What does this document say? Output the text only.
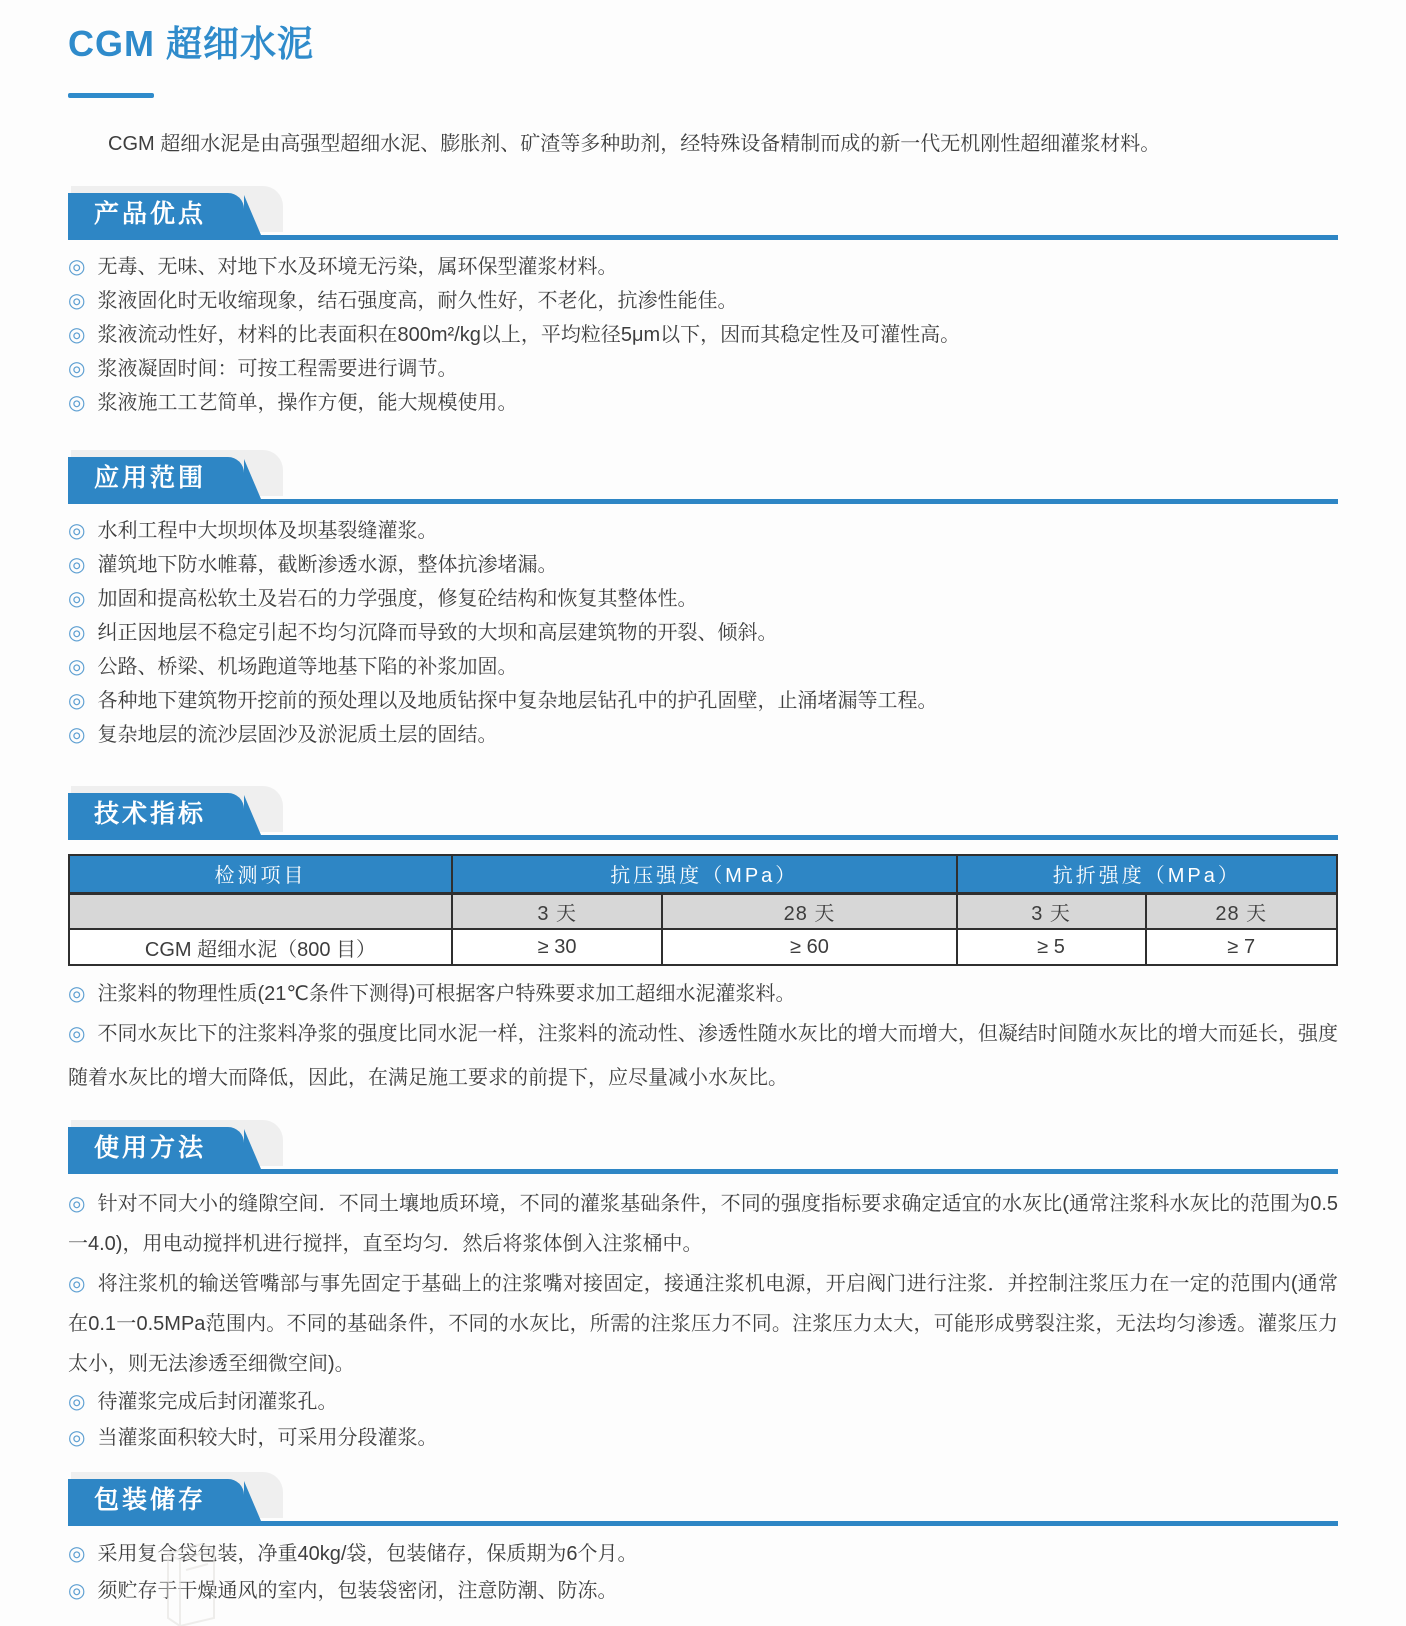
CGM 超细水泥

CGM 超细水泥是由高强型超细水泥、膨胀剂、矿渣等多种助剂，经特殊设备精制而成的新一代无机刚性超细灌浆材料。

产品优点

◎ 无毒、无味、对地下水及环境无污染，属环保型灌浆材料。

◎ 浆液固化时无收缩现象，结石强度高，耐久性好，不老化，抗渗性能佳。

◎ 浆液流动性好，材料的比表面积在800m²/kg以上，平均粒径5μm以下，因而其稳定性及可灌性高。

◎ 浆液凝固时间：可按工程需要进行调节。

◎ 浆液施工工艺简单，操作方便，能大规模使用。

应用范围

◎ 水利工程中大坝坝体及坝基裂缝灌浆。

◎ 灌筑地下防水帷幕，截断渗透水源，整体抗渗堵漏。

◎ 加固和提高松软土及岩石的力学强度，修复砼结构和恢复其整体性。

◎ 纠正因地层不稳定引起不均匀沉降而导致的大坝和高层建筑物的开裂、倾斜。

◎ 公路、桥梁、机场跑道等地基下陷的补浆加固。

◎ 各种地下建筑物开挖前的预处理以及地质钻探中复杂地层钻孔中的护孔固壁，止涌堵漏等工程。

◎ 复杂地层的流沙层固沙及淤泥质土层的固结。

技术指标
检测项目	抗压强度（MPa）		抗折强度（MPa）	
	3 天	28 天	3 天	28 天
CGM 超细水泥（800 目）	≥ 30	≥ 60	≥ 5	≥ 7

◎ 注浆料的物理性质(21℃条件下测得)可根据客户特殊要求加工超细水泥灌浆料。

◎ 不同水灰比下的注浆料净浆的强度比同水泥一样，注浆料的流动性、渗透性随水灰比的增大而增大，但凝结时间随水灰比的增大而延长，强度随着水灰比的增大而降低，因此，在满足施工要求的前提下，应尽量减小水灰比。

使用方法

◎ 针对不同大小的缝隙空间．不同土壤地质环境，不同的灌浆基础条件，不同的强度指标要求确定适宜的水灰比(通常注浆科水灰比的范围为0.5一4.0)，用电动搅拌机进行搅拌，直至均匀．然后将浆体倒入注浆桶中。

◎ 将注浆机的输送管嘴部与事先固定于基础上的注浆嘴对接固定，接通注浆机电源，开启阀门进行注浆．并控制注浆压力在一定的范围内(通常在0.1一0.5MPa范围内。不同的基础条件，不同的水灰比，所需的注浆压力不同。注浆压力太大，可能形成劈裂注浆，无法均匀渗透。灌浆压力太小，则无法渗透至细微空间)。

◎ 待灌浆完成后封闭灌浆孔。

◎ 当灌浆面积较大时，可采用分段灌浆。

包装储存

◎ 采用复合袋包装，净重40kg/袋，包装储存，保质期为6个月。

◎ 须贮存于干燥通风的室内，包装袋密闭，注意防潮、防冻。
